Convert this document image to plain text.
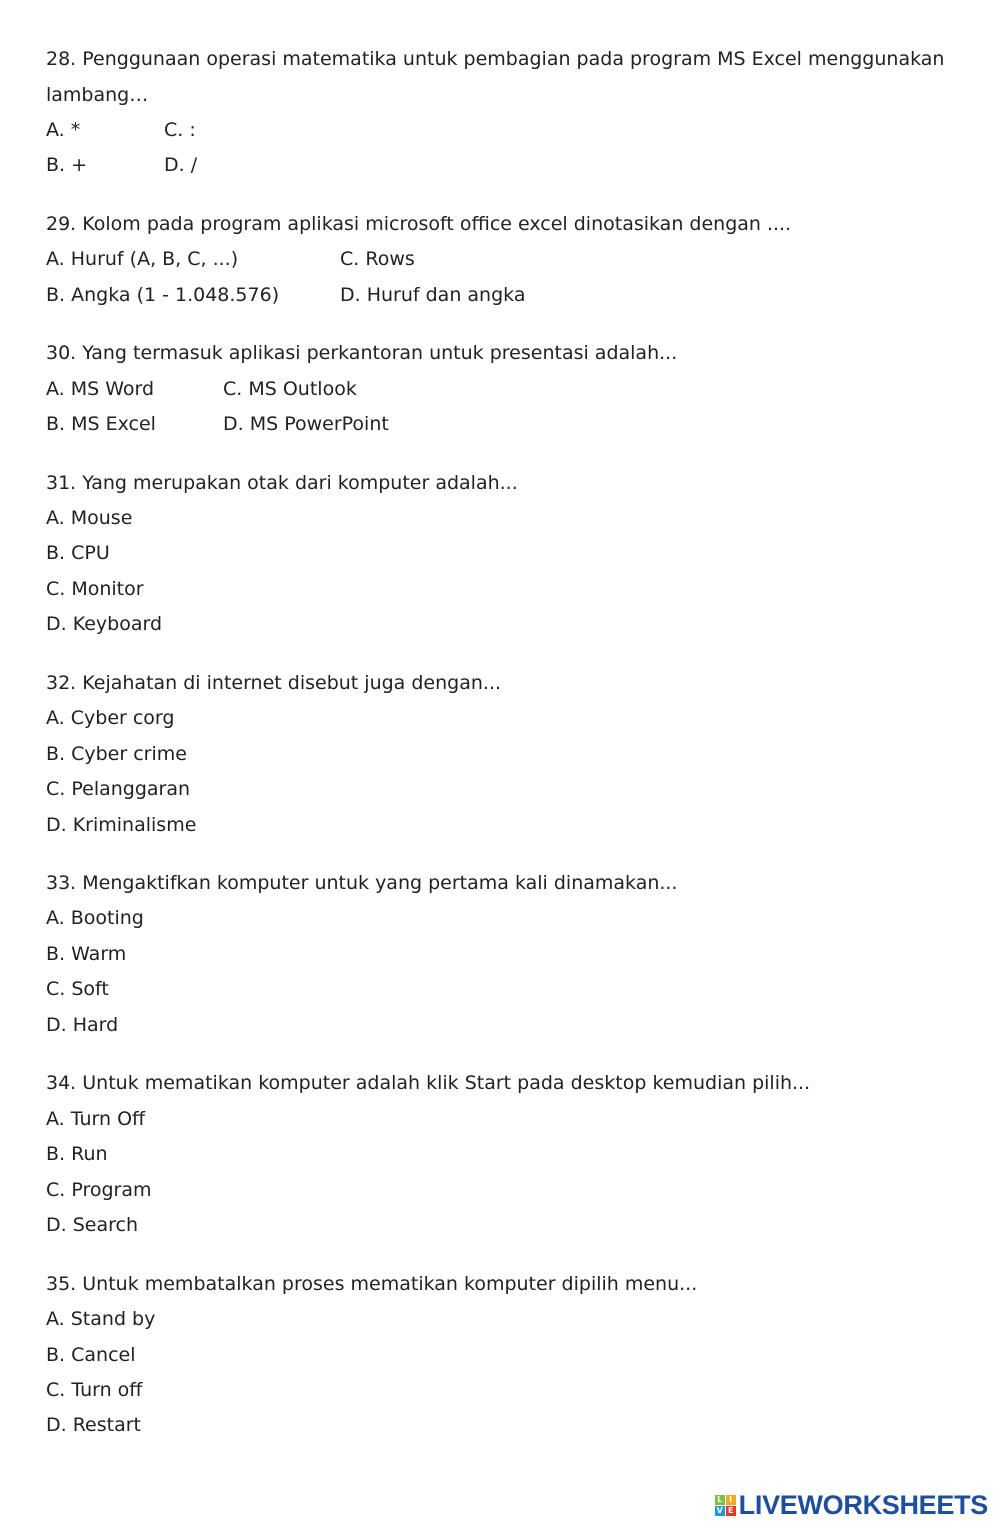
28. Penggunaan operasi matematika untuk pembagian pada program MS Excel menggunakan
lambang…
A. *	C. :
B. +	D. /
29. Kolom pada program aplikasi microsoft office excel dinotasikan dengan ....
A. Huruf (A, B, C, ...)	C. Rows
B. Angka (1 - 1.048.576)	D. Huruf dan angka
30. Yang termasuk aplikasi perkantoran untuk presentasi adalah...
A. MS Word	C. MS Outlook
B. MS Excel	D. MS PowerPoint
31. Yang merupakan otak dari komputer adalah...
A. Mouse
B. CPU
C. Monitor
D. Keyboard
32. Kejahatan di internet disebut juga dengan...
A. Cyber corg
B. Cyber crime
C. Pelanggaran
D. Kriminalisme
33. Mengaktifkan komputer untuk yang pertama kali dinamakan...
A. Booting
B. Warm
C. Soft
D. Hard
34. Untuk mematikan komputer adalah klik Start pada desktop kemudian pilih...
A. Turn Off
B. Run
C. Program
D. Search
35. Untuk membatalkan proses mematikan komputer dipilih menu...
A. Stand by
B. Cancel
C. Turn off
D. Restart
L I
V E LIVEWORKSHEETS
